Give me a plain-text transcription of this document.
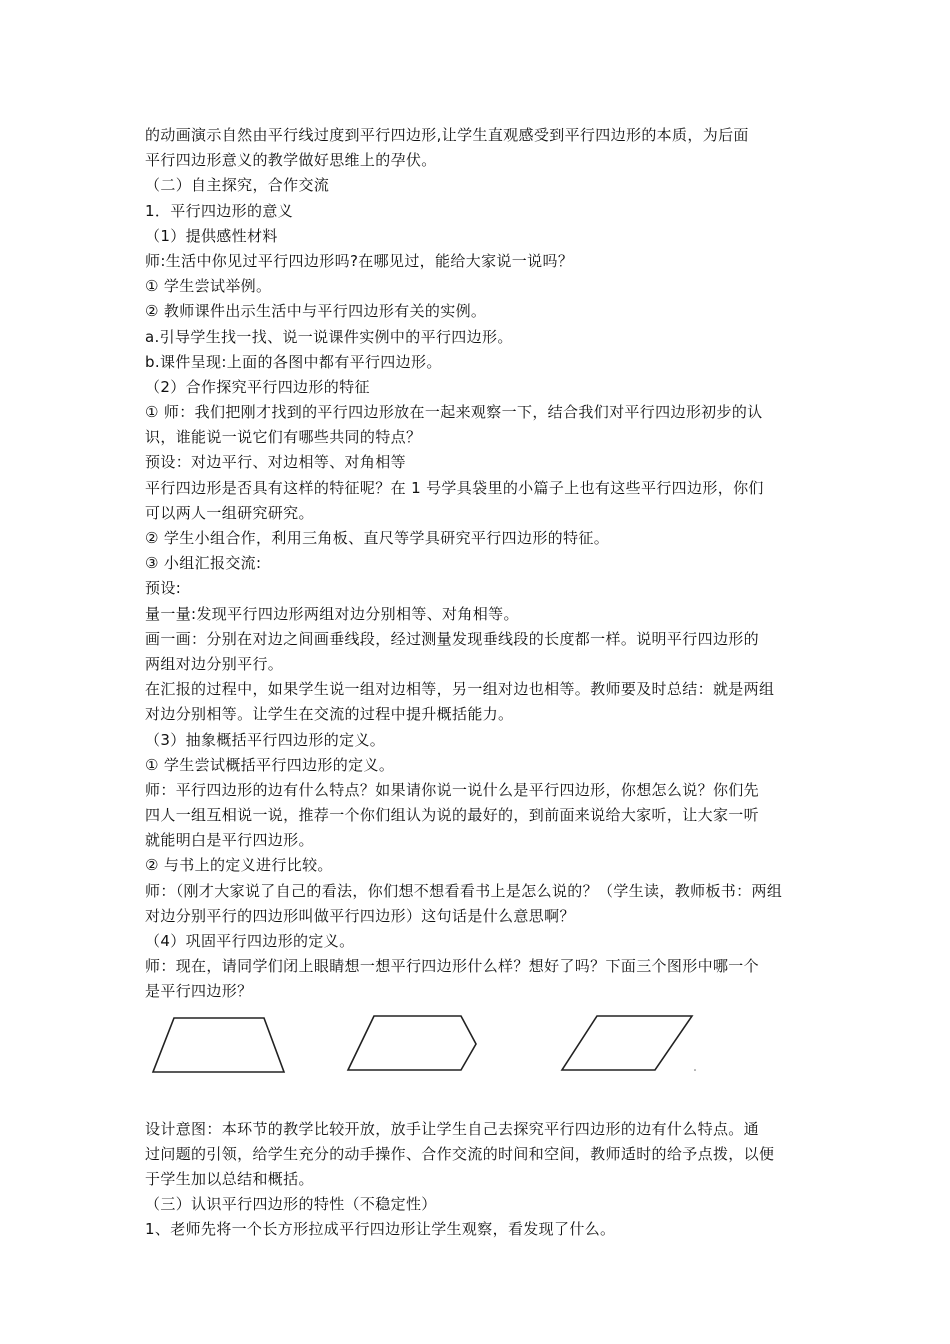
的动画演示自然由平行线过度到平行四边形,让学生直观感受到平行四边形的本质，为后面
平行四边形意义的教学做好思维上的孕伏。
（二）自主探究，合作交流
1．平行四边形的意义
（1）提供感性材料
师:生活中你见过平行四边形吗?在哪见过，能给大家说一说吗？
① 学生尝试举例。
② 教师课件出示生活中与平行四边形有关的实例。
a.引导学生找一找、说一说课件实例中的平行四边形。
b.课件呈现:上面的各图中都有平行四边形。
（2）合作探究平行四边形的特征
① 师：我们把刚才找到的平行四边形放在一起来观察一下，结合我们对平行四边形初步的认
识，谁能说一说它们有哪些共同的特点？
预设：对边平行、对边相等、对角相等
平行四边形是否具有这样的特征呢？在 1 号学具袋里的小篇子上也有这些平行四边形，你们
可以两人一组研究研究。
② 学生小组合作，利用三角板、直尺等学具研究平行四边形的特征。
③ 小组汇报交流:
预设:
量一量:发现平行四边形两组对边分别相等、对角相等。
画一画：分别在对边之间画垂线段，经过测量发现垂线段的长度都一样。说明平行四边形的
两组对边分别平行。
在汇报的过程中，如果学生说一组对边相等，另一组对边也相等。教师要及时总结：就是两组
对边分别相等。让学生在交流的过程中提升概括能力。
（3）抽象概括平行四边形的定义。
① 学生尝试概括平行四边形的定义。
师：平行四边形的边有什么特点？如果请你说一说什么是平行四边形，你想怎么说？你们先
四人一组互相说一说，推荐一个你们组认为说的最好的，到前面来说给大家听，让大家一听
就能明白是平行四边形。
② 与书上的定义进行比较。
师：（刚才大家说了自己的看法，你们想不想看看书上是怎么说的？（学生读，教师板书：两组
对边分别平行的四边形叫做平行四边形）这句话是什么意思啊？
（4）巩固平行四边形的定义。
师：现在，请同学们闭上眼睛想一想平行四边形什么样？想好了吗？下面三个图形中哪一个
是平行四边形？
设计意图：本环节的教学比较开放，放手让学生自己去探究平行四边形的边有什么特点。通
过问题的引领，给学生充分的动手操作、合作交流的时间和空间，教师适时的给予点拨，以便
于学生加以总结和概括。
（三）认识平行四边形的特性（不稳定性）
1、老师先将一个长方形拉成平行四边形让学生观察，看发现了什么。
